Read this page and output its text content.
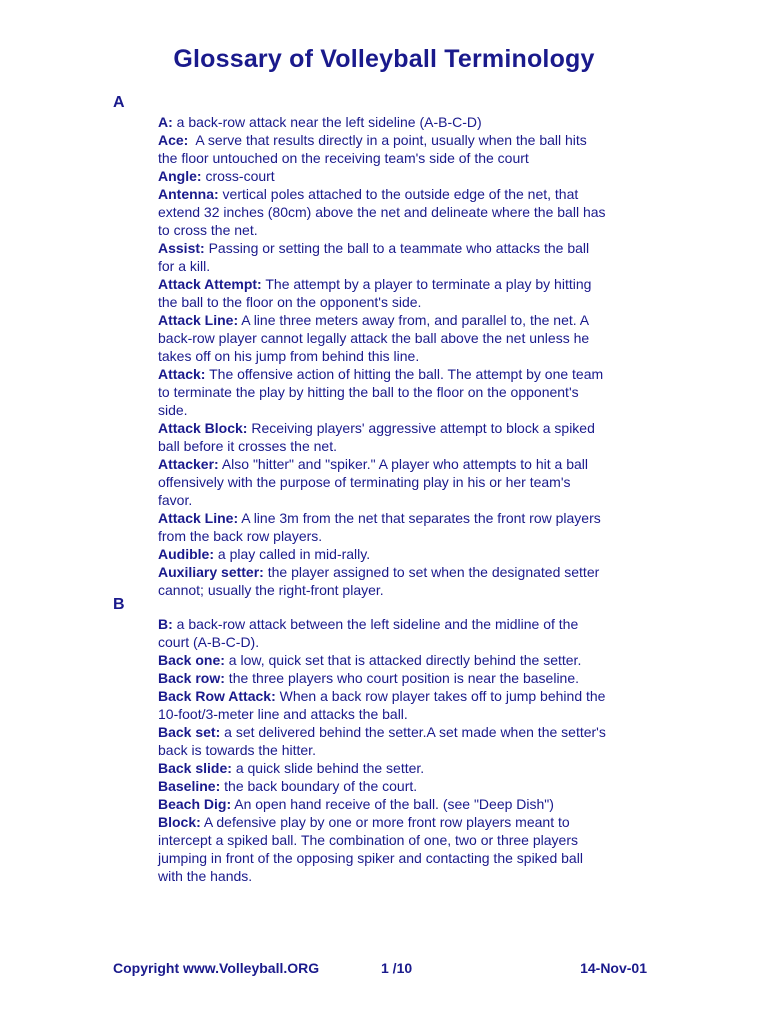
Glossary of Volleyball Terminology
A

A: a back-row attack near the left sideline (A-B-C-D)

Ace:  A serve that results directly in a point, usually when the ball hits the floor untouched on the receiving team's side of the court

Angle: cross-court

Antenna: vertical poles attached to the outside edge of the net, that extend 32 inches (80cm) above the net and delineate where the ball has to cross the net.

Assist: Passing or setting the ball to a teammate who attacks the ball for a kill.

Attack Attempt: The attempt by a player to terminate a play by hitting the ball to the floor on the opponent's side.

Attack Line: A line three meters away from, and parallel to, the net. A back-row player cannot legally attack the ball above the net unless he takes off on his jump from behind this line.

Attack: The offensive action of hitting the ball. The attempt by one team to terminate the play by hitting the ball to the floor on the opponent's side.

Attack Block: Receiving players' aggressive attempt to block a spiked ball before it crosses the net.

Attacker: Also "hitter" and "spiker." A player who attempts to hit a ball offensively with the purpose of terminating play in his or her team's favor.

Attack Line: A line 3m from the net that separates the front row players from the back row players.

Audible: a play called in mid-rally.

Auxiliary setter: the player assigned to set when the designated setter cannot; usually the right-front player.

B

B: a back-row attack between the left sideline and the midline of the court (A-B-C-D).

Back one: a low, quick set that is attacked directly behind the setter.

Back row: the three players who court position is near the baseline.

Back Row Attack: When a back row player takes off to jump behind the 10-foot/3-meter line and attacks the ball.

Back set: a set delivered behind the setter.A set made when the setter's back is towards the hitter.

Back slide: a quick slide behind the setter.

Baseline: the back boundary of the court.

Beach Dig: An open hand receive of the ball. (see "Deep Dish")

Block: A defensive play by one or more front row players meant to intercept a spiked ball. The combination of one, two or three players jumping in front of the opposing spiker and contacting the spiked ball with the hands.

Copyright www.Volleyball.ORG	1 /10	14-Nov-01
